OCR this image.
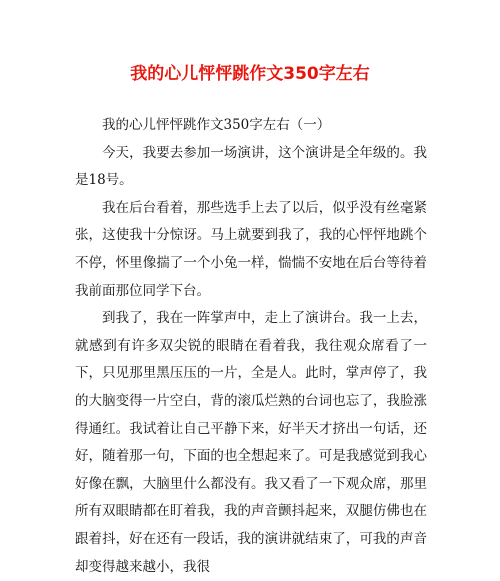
我的心儿怦怦跳作文350字左右

我的心儿怦怦跳作文350字左右（一）

今天，我要去参加一场演讲，这个演讲是全年级的。我是18号。

我在后台看着，那些选手上去了以后，似乎没有丝毫紧张，这使我十分惊讶。马上就要到我了，我的心怦怦地跳个不停，怀里像揣了一个小兔一样，惴惴不安地在后台等待着我前面那位同学下台。

到我了，我在一阵掌声中，走上了演讲台。我一上去，就感到有许多双尖锐的眼睛在看着我，我往观众席看了一下，只见那里黑压压的一片，全是人。此时，掌声停了，我的大脑变得一片空白，背的滚瓜烂熟的台词也忘了，我脸涨得通红。我试着让自己平静下来，好半天才挤出一句话，还好，随着那一句，下面的也全想起来了。可是我感觉到我心好像在飘，大脑里什么都没有。我又看了一下观众席，那里所有双眼睛都在盯着我，我的声音颤抖起来，双腿仿佛也在跟着抖，好在还有一段话，我的演讲就结束了，可我的声音却变得越来越小，我很
